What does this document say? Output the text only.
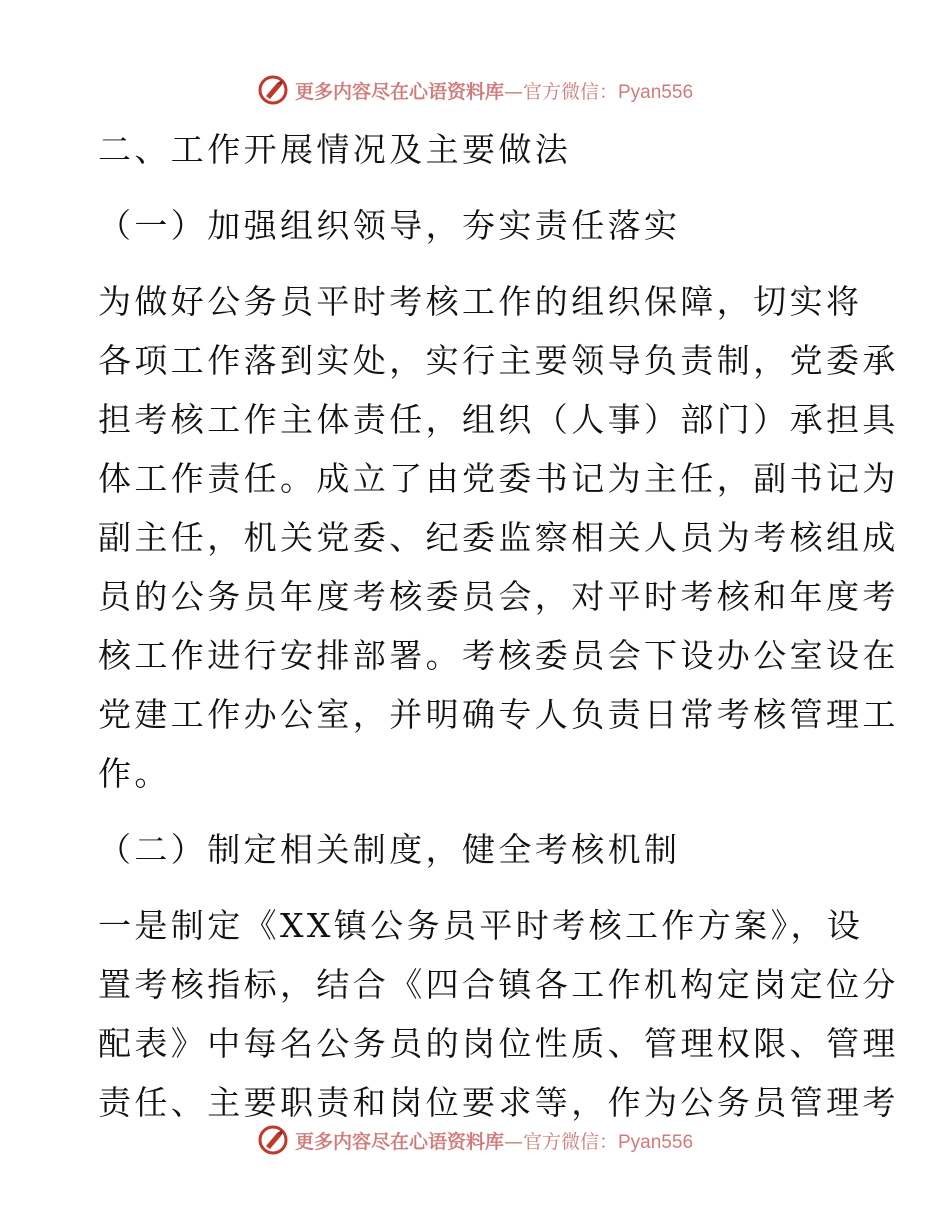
更多内容尽在心语资料库—官方微信：Pyan556
二、工作开展情况及主要做法
（一）加强组织领导，夯实责任落实
为做好公务员平时考核工作的组织保障，切实将
各项工作落到实处，实行主要领导负责制，党委承
担考核工作主体责任，组织（人事）部门）承担具
体工作责任。成立了由党委书记为主任，副书记为
副主任，机关党委、纪委监察相关人员为考核组成
员的公务员年度考核委员会，对平时考核和年度考
核工作进行安排部署。考核委员会下设办公室设在
党建工作办公室，并明确专人负责日常考核管理工
作。
（二）制定相关制度，健全考核机制
一是制定《XX镇公务员平时考核工作方案》，设
置考核指标，结合《四合镇各工作机构定岗定位分
配表》中每名公务员的岗位性质、管理权限、管理
责任、主要职责和岗位要求等，作为公务员管理考
更多内容尽在心语资料库—官方微信：Pyan556
